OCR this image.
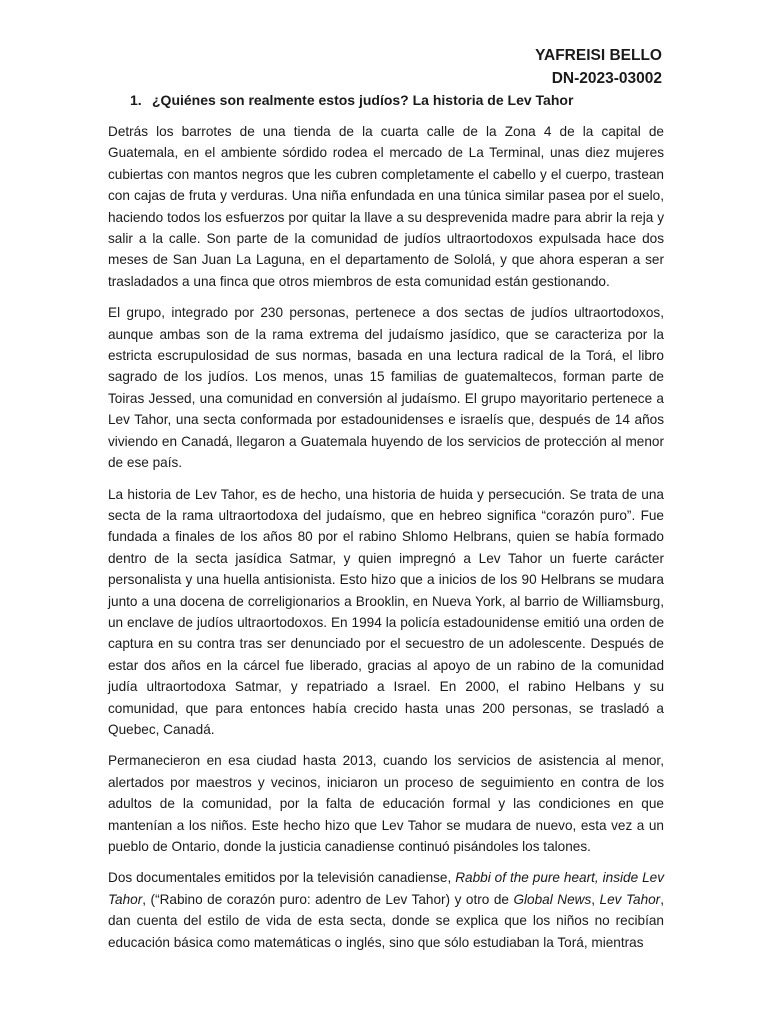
YAFREISI BELLO
DN-2023-03002
1. ¿Quiénes son realmente estos judíos? La historia de Lev Tahor

Detrás los barrotes de una tienda de la cuarta calle de la Zona 4 de la capital de Guatemala, en el ambiente sórdido rodea el mercado de La Terminal, unas diez mujeres cubiertas con mantos negros que les cubren completamente el cabello y el cuerpo, trastean con cajas de fruta y verduras. Una niña enfundada en una túnica similar pasea por el suelo, haciendo todos los esfuerzos por quitar la llave a su desprevenida madre para abrir la reja y salir a la calle. Son parte de la comunidad de judíos ultraortodoxos expulsada hace dos meses de San Juan La Laguna, en el departamento de Sololá, y que ahora esperan a ser trasladados a una finca que otros miembros de esta comunidad están gestionando.

El grupo, integrado por 230 personas, pertenece a dos sectas de judíos ultraortodoxos, aunque ambas son de la rama extrema del judaísmo jasídico, que se caracteriza por la estricta escrupulosidad de sus normas, basada en una lectura radical de la Torá, el libro sagrado de los judíos. Los menos, unas 15 familias de guatemaltecos, forman parte de Toiras Jessed, una comunidad en conversión al judaísmo. El grupo mayoritario pertenece a Lev Tahor, una secta conformada por estadounidenses e israelís que, después de 14 años viviendo en Canadá, llegaron a Guatemala huyendo de los servicios de protección al menor de ese país.

La historia de Lev Tahor, es de hecho, una historia de huida y persecución. Se trata de una secta de la rama ultraortodoxa del judaísmo, que en hebreo significa “corazón puro”. Fue fundada a finales de los años 80 por el rabino Shlomo Helbrans, quien se había formado dentro de la secta jasídica Satmar, y quien impregnó a Lev Tahor un fuerte carácter personalista y una huella antisionista. Esto hizo que a inicios de los 90 Helbrans se mudara junto a una docena de correligionarios a Brooklin, en Nueva York, al barrio de Williamsburg, un enclave de judíos ultraortodoxos. En 1994 la policía estadounidense emitió una orden de captura en su contra tras ser denunciado por el secuestro de un adolescente. Después de estar dos años en la cárcel fue liberado, gracias al apoyo de un rabino de la comunidad judía ultraortodoxa Satmar, y repatriado a Israel. En 2000, el rabino Helbans y su comunidad, que para entonces había crecido hasta unas 200 personas, se trasladó a Quebec, Canadá.

Permanecieron en esa ciudad hasta 2013, cuando los servicios de asistencia al menor, alertados por maestros y vecinos, iniciaron un proceso de seguimiento en contra de los adultos de la comunidad, por la falta de educación formal y las condiciones en que mantenían a los niños. Este hecho hizo que Lev Tahor se mudara de nuevo, esta vez a un pueblo de Ontario, donde la justicia canadiense continuó pisándoles los talones.

Dos documentales emitidos por la televisión canadiense, Rabbi of the pure heart, inside Lev Tahor, (“Rabino de corazón puro: adentro de Lev Tahor) y otro de Global News, Lev Tahor, dan cuenta del estilo de vida de esta secta, donde se explica que los niños no recibían educación básica como matemáticas o inglés, sino que sólo estudiaban la Torá, mientras
